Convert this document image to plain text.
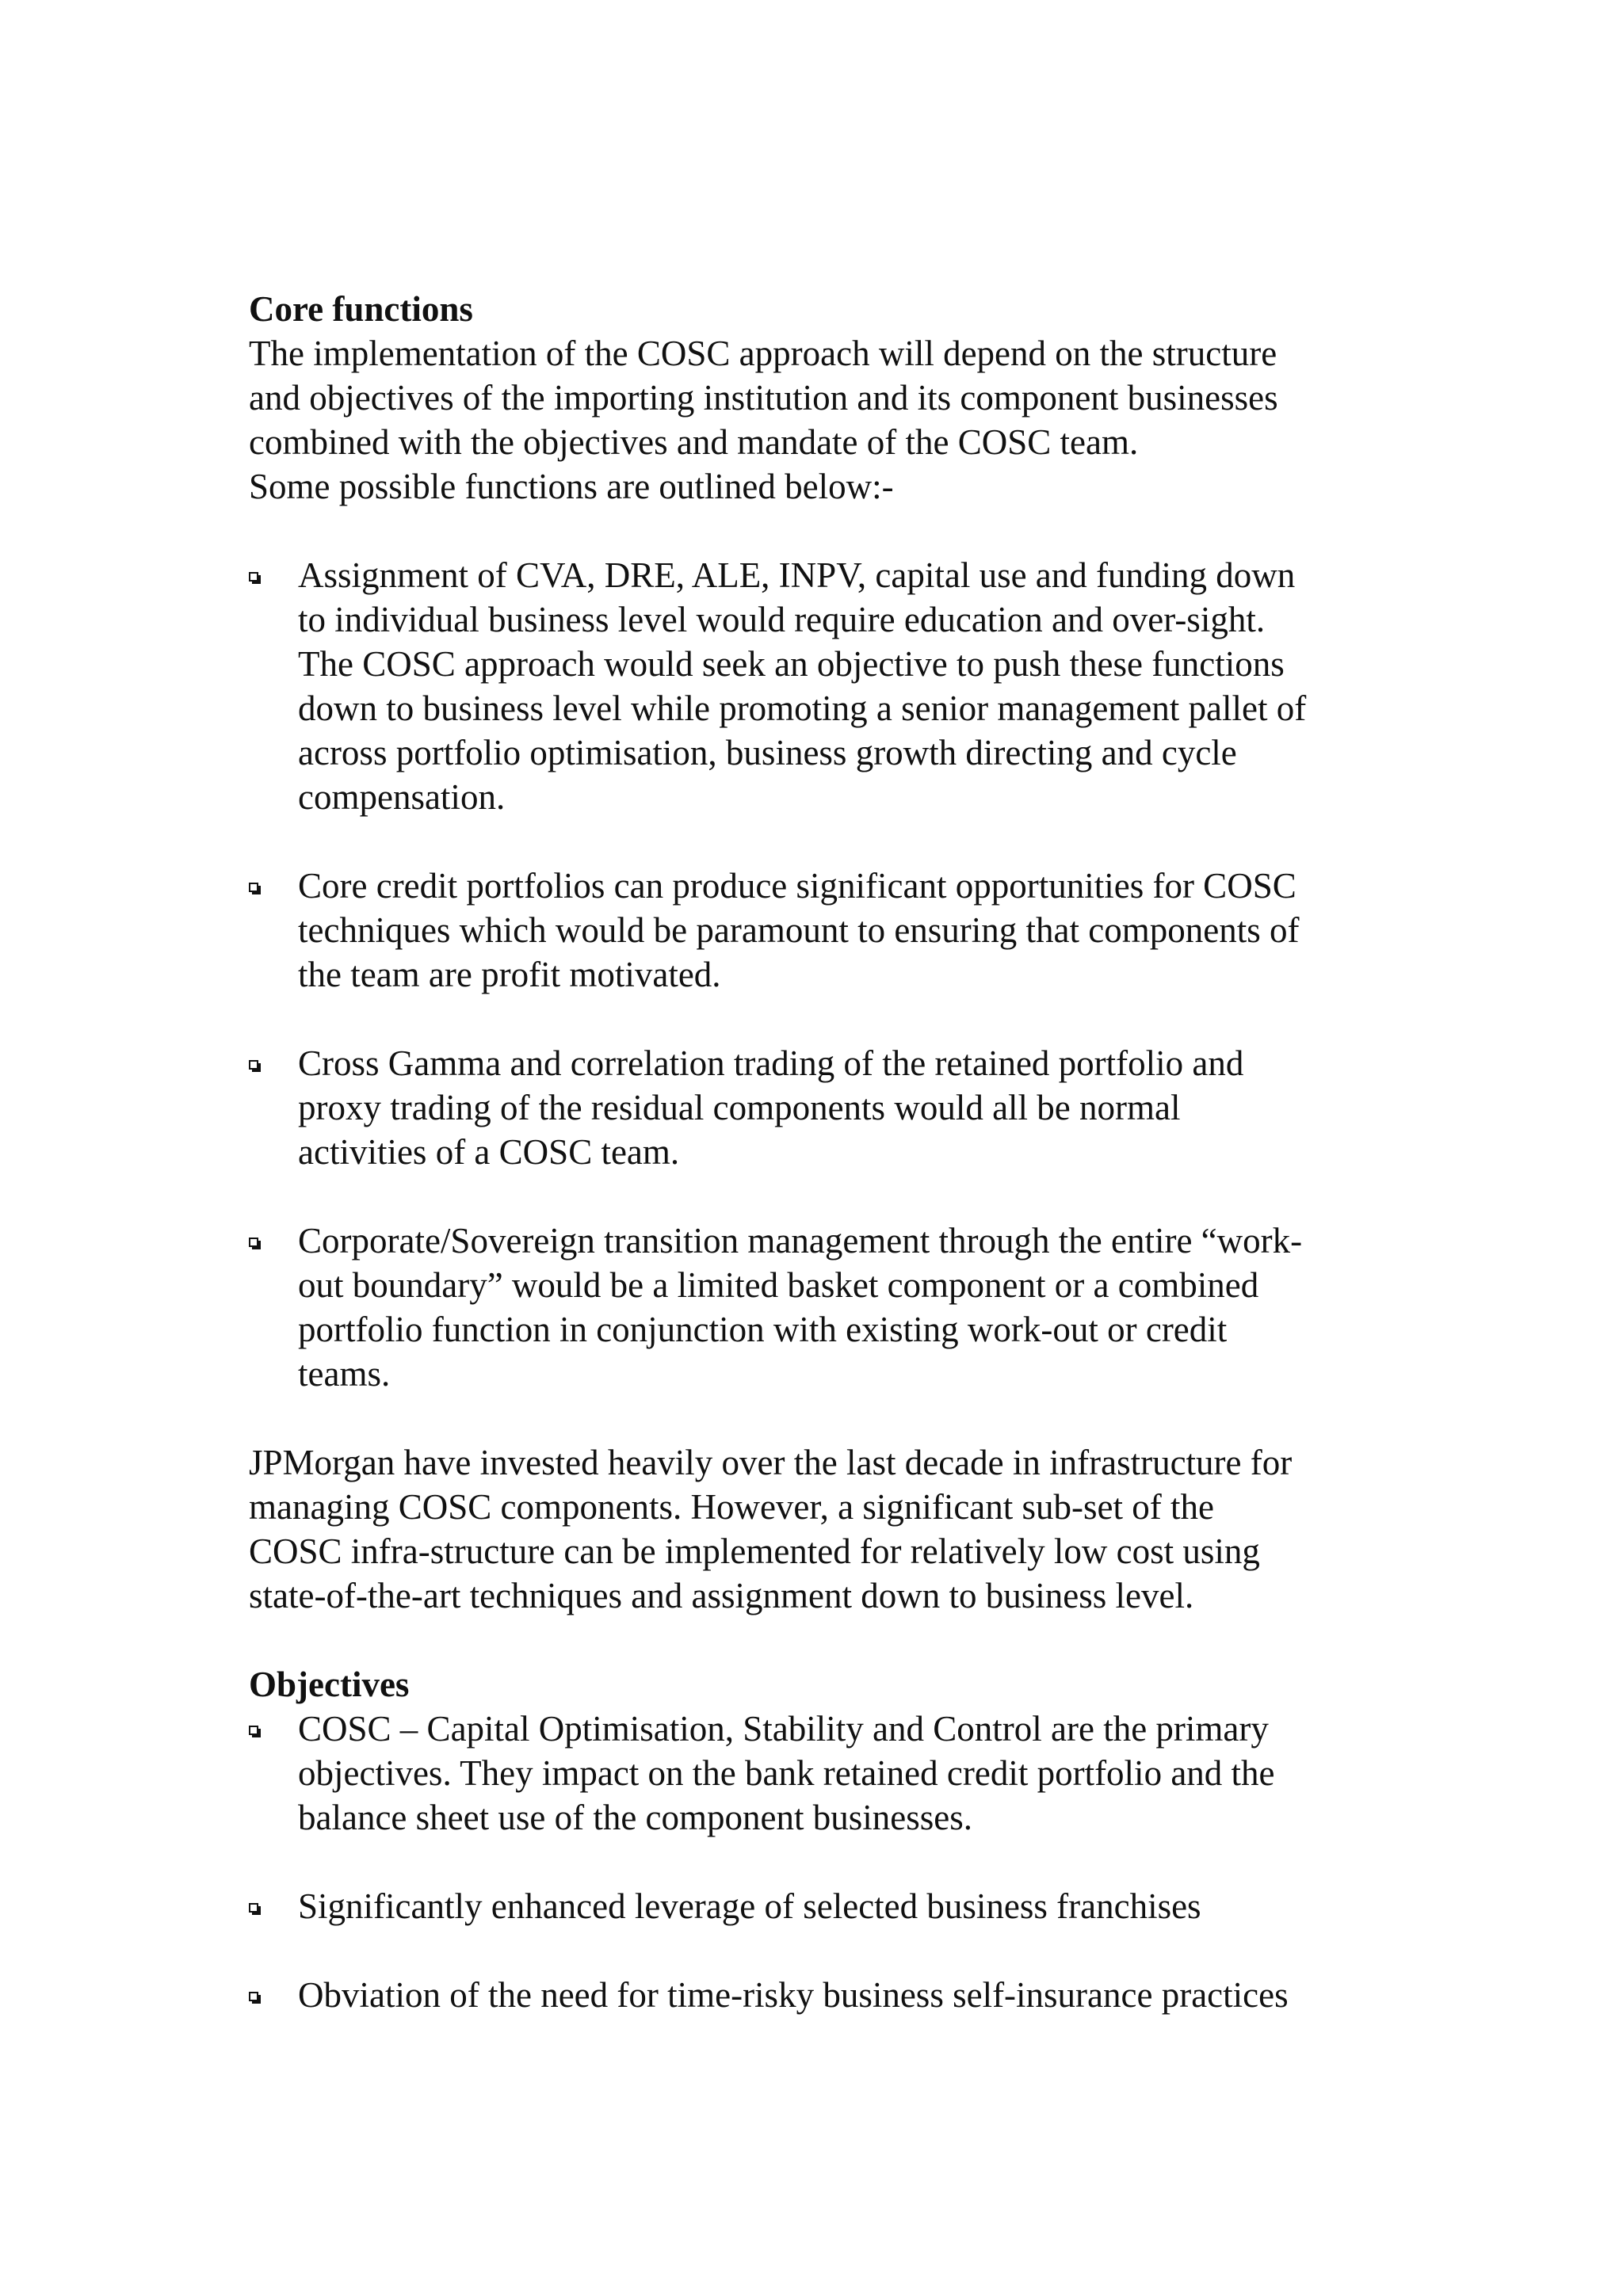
Core functions
The implementation of the COSC approach will depend on the structure
and objectives of the importing institution and its component businesses
combined with the objectives and mandate of the COSC team.
Some possible functions are outlined below:-
Assignment of CVA, DRE, ALE, INPV, capital use and funding down
to individual business level would require education and over-sight.
The COSC approach would seek an objective to push these functions
down to business level while promoting a senior management pallet of
across portfolio optimisation, business growth directing and cycle
compensation.
Core credit portfolios can produce significant opportunities for COSC
techniques which would be paramount to ensuring that components of
the team are profit motivated.
Cross Gamma and correlation trading of the retained portfolio and
proxy trading of the residual components would all be normal
activities of a COSC team.
Corporate/Sovereign transition management through the entire “work-
out boundary” would be a limited basket component or a combined
portfolio function in conjunction with existing work-out or credit
teams.
JPMorgan have invested heavily over the last decade in infrastructure for
managing COSC components. However, a significant sub-set of the
COSC infra-structure can be implemented for relatively low cost using
state-of-the-art techniques and assignment down to business level.
Objectives
COSC – Capital Optimisation, Stability and Control are the primary
objectives. They impact on the bank retained credit portfolio and the
balance sheet use of the component businesses.
Significantly enhanced leverage of selected business franchises
Obviation of the need for time-risky business self-insurance practices
